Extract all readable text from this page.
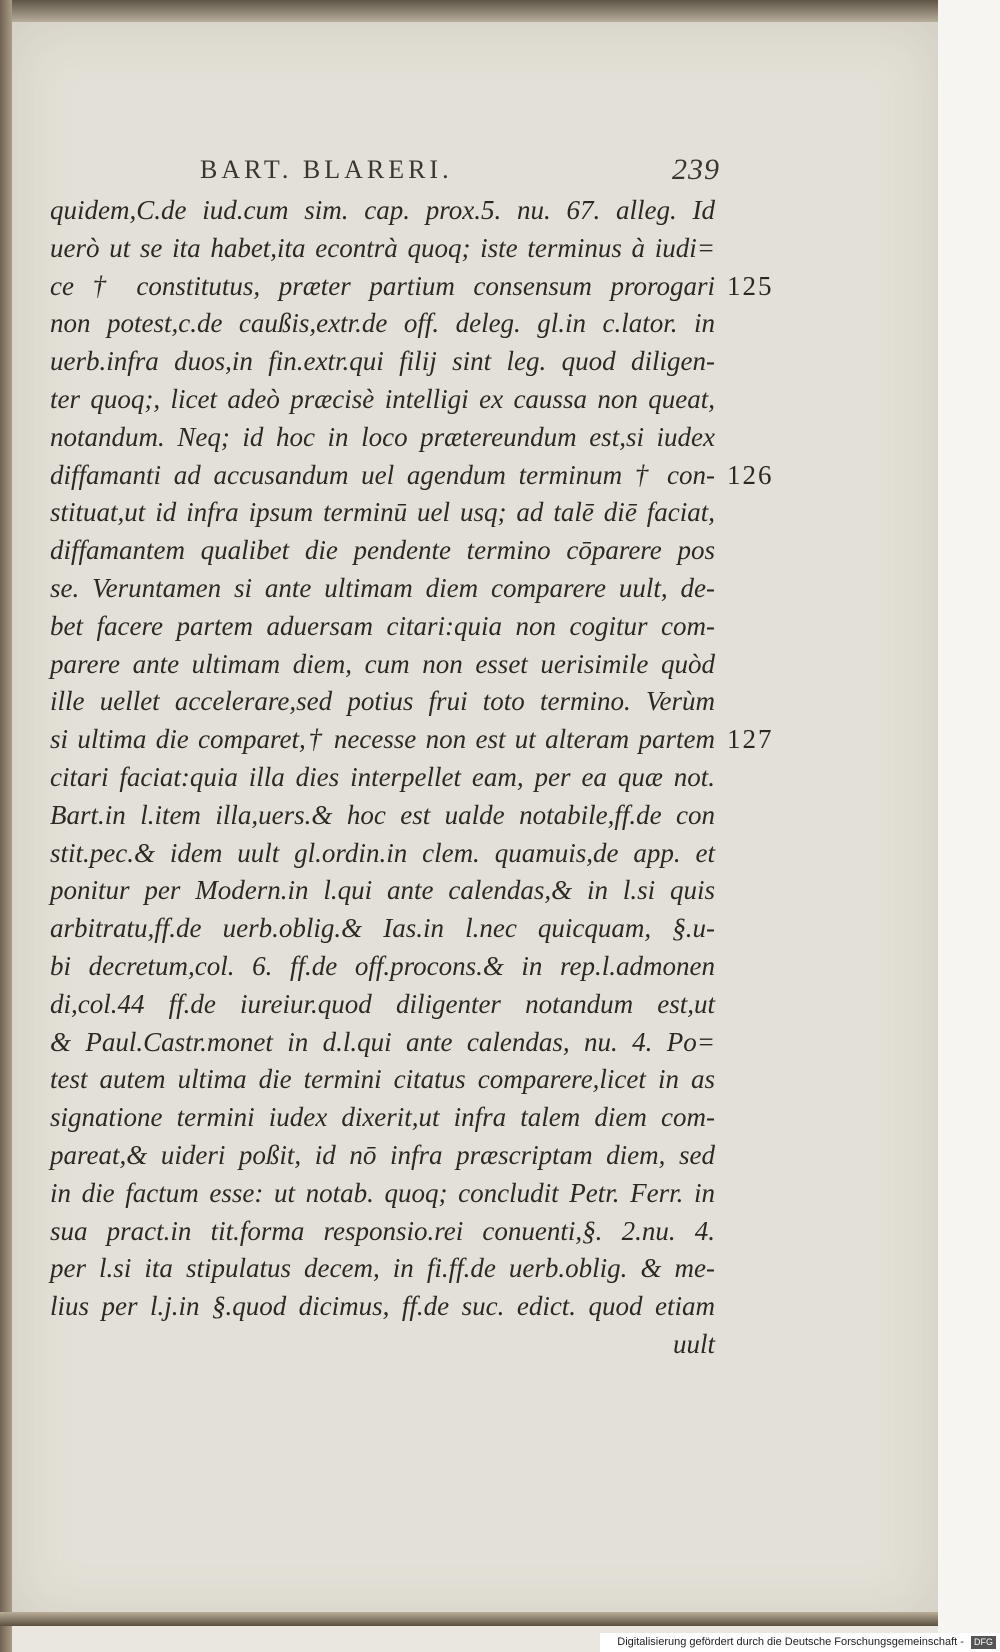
BART. BLARERI.	239
quidem,C.de iud.cum sim. cap. prox.5. nu. 67. alleg. Id
uerò ut se ita habet,ita econtrà quoq; iste terminus à iudi=
ce † constitutus, præter partium consensum prorogari
non potest,c.de caußis,extr.de off. deleg. gl.in c.lator. in
uerb.infra duos,in fin.extr.qui filij sint leg. quod diligen-
ter quoq;, licet adeò præcisè intelligi ex caussa non queat,
notandum. Neq; id hoc in loco prætereundum est,si iudex
diffamanti ad accusandum uel agendum terminum † con-
stituat,ut id infra ipsum terminū uel usq; ad talē diē faciat,
diffamantem qualibet die pendente termino cōparere pos
se. Veruntamen si ante ultimam diem comparere uult, de-
bet facere partem aduersam citari:quia non cogitur com-
parere ante ultimam diem, cum non esset uerisimile quòd
ille uellet accelerare,sed potius frui toto termino. Verùm
si ultima die comparet,† necesse non est ut alteram partem
citari faciat:quia illa dies interpellet eam, per ea quæ not.
Bart.in l.item illa,uers.& hoc est ualde notabile,ff.de con
stit.pec.& idem uult gl.ordin.in clem. quamuis,de app. et
ponitur per Modern.in l.qui ante calendas,& in l.si quis
arbitratu,ff.de uerb.oblig.& Ias.in l.nec quicquam, §.u-
bi decretum,col. 6. ff.de off.procons.& in rep.l.admonen
di,col.44 ff.de iureiur.quod diligenter notandum est,ut
& Paul.Castr.monet in d.l.qui ante calendas, nu. 4. Po=
test autem ultima die termini citatus comparere,licet in as
signatione termini iudex dixerit,ut infra talem diem com-
pareat,& uideri poßit, id nō infra præscriptam diem, sed
in die factum esse: ut notab. quoq; concludit Petr. Ferr. in
sua pract.in tit.forma responsio.rei conuenti,§. 2.nu. 4.
per l.si ita stipulatus decem, in fi.ff.de uerb.oblig. & me-
lius per l.j.in §.quod dicimus, ff.de suc. edict. quod etiam
uult
125
126
127
Digitalisierung gefördert durch die Deutsche Forschungsgemeinschaft - DFG
